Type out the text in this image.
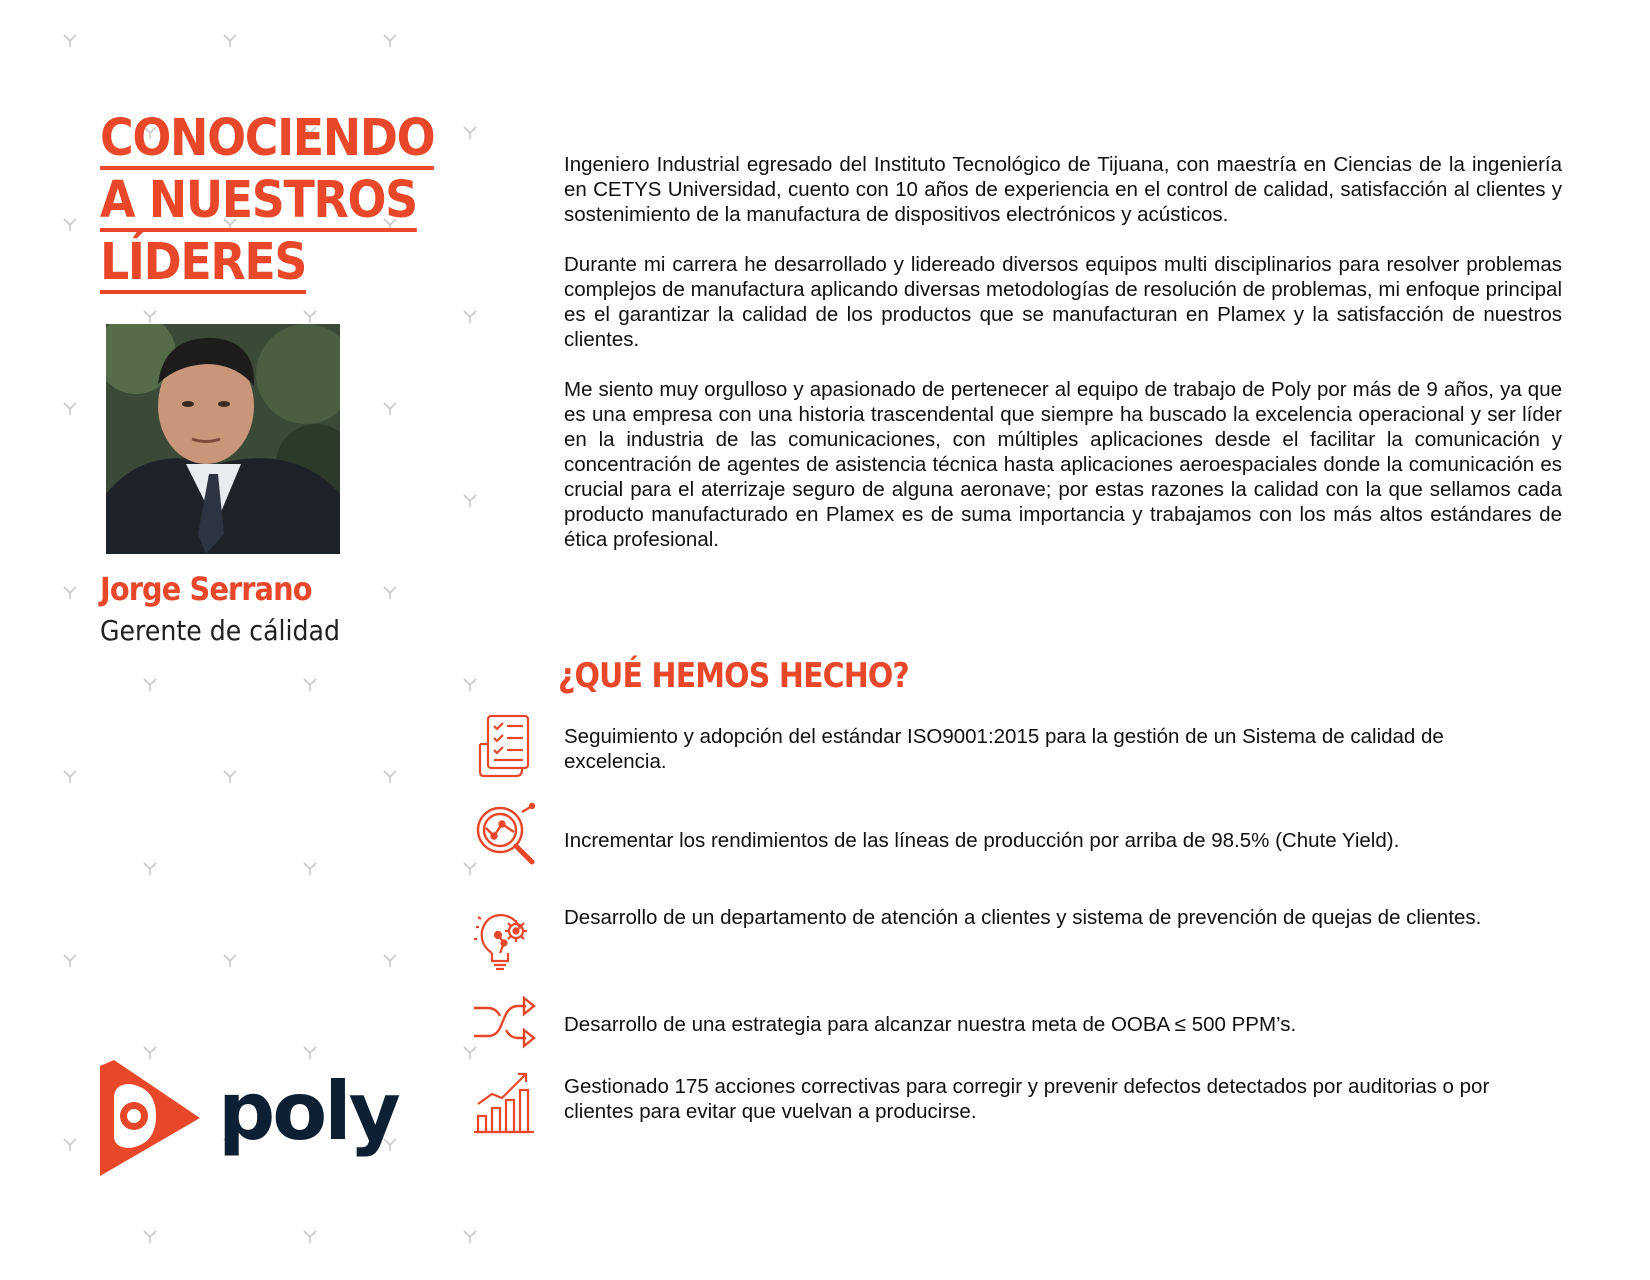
CONOCIENDO
A NUESTROS
LÍDERES
Jorge Serrano
Gerente de cálidad

Ingeniero Industrial egresado del Instituto Tecnológico de Tijuana, con maestría en Ciencias de la ingeniería en CETYS Universidad, cuento con 10 años de experiencia en el control de calidad, satisfacción al clientes y sostenimiento de la manufactura de dispositivos electrónicos y acústicos.

Durante mi carrera he desarrollado y lidereado diversos equipos multi disciplinarios para resolver problemas complejos de manufactura aplicando diversas metodologías de resolución de problemas, mi enfoque principal es el garantizar la calidad de los productos que se manufacturan en Plamex y la satisfacción de nuestros clientes.

Me siento muy orgulloso y apasionado de pertenecer al equipo de trabajo de Poly por más de 9 años, ya que es una empresa con una historia trascendental que siempre ha buscado la excelencia operacional y ser líder en la industria de las comunicaciones, con múltiples aplicaciones desde el facilitar la comunicación y concentración de agentes de asistencia técnica hasta aplicaciones aeroespaciales donde la comunicación es crucial para el aterrizaje seguro de alguna aeronave; por estas razones la calidad con la que sellamos cada producto manufacturado en Plamex es de suma importancia y trabajamos con los más altos estándares de ética profesional.

¿QUÉ HEMOS HECHO?
Seguimiento y adopción del estándar ISO9001:2015 para la gestión de un Sistema de calidad de excelencia.
Incrementar los rendimientos de las líneas de producción por arriba de 98.5% (Chute Yield).
Desarrollo de un departamento de atención a clientes y sistema de prevención de quejas de clientes.
Desarrollo de una estrategia para alcanzar nuestra meta de OOBA ≤ 500 PPM’s.
Gestionado 175 acciones correctivas para corregir y prevenir defectos detectados por auditorias o por clientes para evitar que vuelvan a producirse.
poly
